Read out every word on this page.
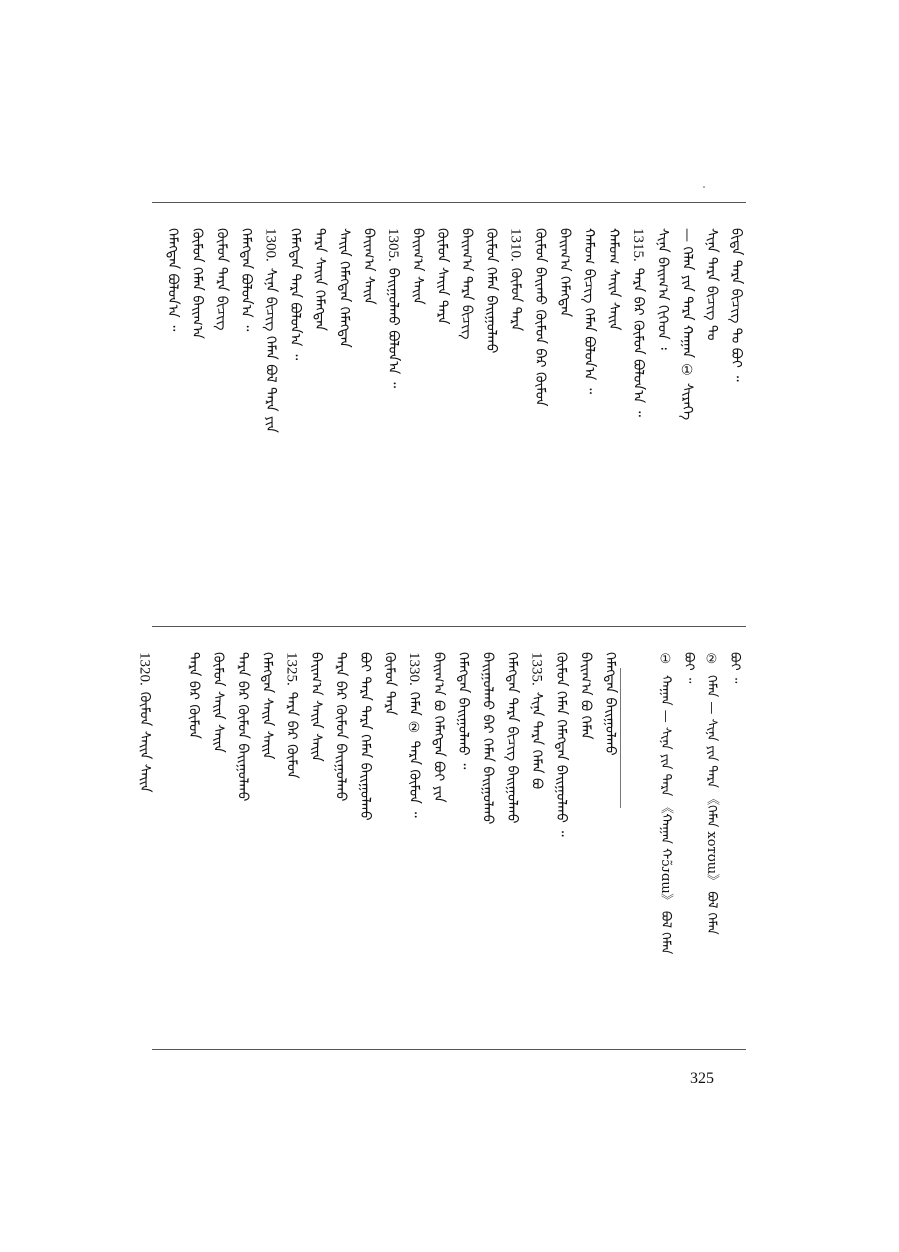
ᠪᠢᠳᠡ ᠲᠡᠷᠡ ᠪᠢᠴᠢᠭ ᠲᠤ ᠪᠣᠢ ᠃
ᠰᠢᠨᠡ ᠲᠡᠷᠡ ᠪᠢᠴᠢᠭ ᠲᠤ
— ᠬᠡᠯᠡᠨ ᠶᠢᠨ ᠲᠡᠷᠡ ᠬᠠᠭᠠᠨ ① ᠰᠢᠷᠡᠭᠡ
ᠰᠢᠨᠡ ᠪᠠᠢᠭ᠎ᠠ ᠬᠢᠭᠡᠳ ᠄
1315.ᠲᠡᠷᠡ ᠪᠡᠷ ᠬᠦᠮᠦᠨ ᠪᠣᠯᠤᠨ᠎ᠠ ᠃
ᠬᠠᠮᠤᠭ ᠰᠠᠢᠨ ᠰᠠᠢᠨ
ᠬᠠᠮᠤᠭ ᠪᠢᠴᠢᠭ ᠬᠡᠮᠡᠨ ᠪᠣᠯᠤᠨ᠎ᠠ ᠃
ᠪᠠᠢᠭ᠎ᠠ ᠬᠡᠮᠡᠭᠳᠡᠨ
ᠬᠦᠮᠦᠨ ᠪᠠᠢᠬᠤ ᠬᠦᠮᠦᠨ ᠪᠡᠷ ᠬᠦᠮᠦᠨ
1310.ᠬᠦᠮᠦᠨ ᠲᠡᠷᠡ
ᠬᠦᠮᠦᠨ ᠬᠡᠮᠡᠨ ᠪᠠᠢᠭᠤᠯᠬᠤ
ᠪᠠᠢᠭ᠎ᠠ ᠲᠡᠷᠡ ᠪᠢᠴᠢᠭ
ᠬᠦᠮᠦᠨ ᠰᠠᠢᠨ ᠲᠡᠷᠡ
ᠪᠠᠢᠭ᠎ᠠ ᠰᠠᠢᠨ
1305.ᠪᠠᠢᠭᠤᠯᠬᠤ ᠪᠣᠯᠤᠨ᠎ᠠ ᠃
ᠪᠠᠢᠭ᠎ᠠ ᠰᠠᠢᠨ
ᠰᠠᠢᠨ ᠬᠡᠮᠡᠭᠳᠡᠨ ᠬᠡᠮᠡᠭᠳᠡᠨ
ᠲᠡᠷᠡ ᠰᠠᠢᠨ ᠬᠡᠮᠡᠭᠳᠡᠨ
ᠬᠡᠮᠡᠭᠳᠡᠨ ᠲᠡᠷᠡ ᠪᠣᠯᠤᠨ᠎ᠠ ᠃
1300.ᠰᠢᠨᠡ ᠪᠢᠴᠢᠭ ᠬᠡᠮᠡᠨ ᠪᠣᠯ ᠲᠡᠷᠡ ᠶᠢᠨ
ᠬᠡᠮᠡᠭᠳᠡᠨ ᠪᠣᠯᠤᠨ᠎ᠠ ᠃
ᠬᠦᠮᠦᠨ ᠲᠡᠷᠡ ᠪᠢᠴᠢᠭ
ᠬᠦᠮᠦᠨ ᠬᠡᠮᠡᠨ ᠪᠠᠢᠭ᠎ᠠ
ᠬᠡᠮᠡᠭᠳᠡᠨ ᠪᠣᠯᠤᠨ᠎ᠠ ᠃
ᠬᠡᠮᠡᠭᠳᠡᠨ ᠪᠠᠢᠭᠤᠯᠬᠤ
ᠪᠠᠢᠭ᠎ᠠ ᠪᠣ ᠬᠡᠮᠡᠨ
ᠬᠦᠮᠦᠨ ᠬᠡᠮᠡᠨ ᠬᠡᠮᠡᠭᠳᠡᠨ ᠪᠠᠢᠭᠤᠯᠬᠤ ᠃
1335.ᠰᠢᠨᠡ ᠲᠡᠷᠡ ᠬᠡᠮᠡᠨ ᠪᠣ
ᠬᠡᠮᠡᠭᠳᠡᠨ ᠲᠡᠷᠡ ᠪᠢᠴᠢᠭ ᠪᠠᠢᠭᠤᠯᠬᠤ
ᠪᠠᠢᠭᠤᠯᠬᠤ ᠪᠡᠷ ᠬᠡᠮᠡᠨ ᠪᠠᠢᠭᠤᠯᠬᠤ
ᠬᠡᠮᠡᠭᠳᠡᠨ ᠪᠠᠢᠭᠤᠯᠬᠤ ᠃
ᠪᠠᠢᠭ᠎ᠠ ᠪᠣ ᠬᠡᠮᠡᠭᠳᠡᠨ ᠪᠣᠢ ᠶᠢᠨ
1330.ᠬᠡᠮᠡᠨ ② ᠲᠡᠷᠡ ᠬᠦᠮᠦᠨ ᠃
ᠬᠦᠮᠦᠨ ᠲᠡᠷᠡ
ᠪᠣᠢ ᠲᠡᠷᠡ ᠲᠡᠷᠡ ᠬᠡᠮᠡᠨ ᠪᠠᠢᠭᠤᠯᠬᠤ
ᠲᠡᠷᠡ ᠪᠡᠷ ᠬᠦᠮᠦᠨ ᠪᠠᠢᠭᠤᠯᠬᠤ
ᠪᠠᠢᠭ᠎ᠠ ᠰᠠᠢᠨ ᠰᠠᠢᠨ
1325.ᠲᠡᠷᠡ ᠪᠡᠷ ᠬᠦᠮᠦᠨ
ᠬᠡᠮᠡᠭᠳᠡᠨ ᠰᠠᠢᠨ ᠰᠠᠢᠨ
ᠲᠡᠷᠡ ᠪᠡᠷ ᠬᠦᠮᠦᠨ ᠪᠠᠢᠭᠤᠯᠬᠤ
ᠬᠦᠮᠦᠨ ᠰᠠᠢᠨ ᠰᠠᠢᠨ
ᠲᠡᠷᠡ ᠪᠡᠷ ᠬᠦᠮᠦᠨ
1320.ᠬᠦᠮᠦᠨ ᠰᠠᠢᠨ ᠰᠠᠢᠨ
ᠪᠣᠢ ᠃
②ᠬᠡᠮᠡᠨ — ᠰᠢᠨᠡ ᠶᠢᠨ ᠲᠡᠷᠡ 《ᠬᠡᠮᠡᠨ xoᴛʊɯ》 ᠪᠣᠯ ᠬᠡᠮᠡᠨ
ᠪᠣᠢ ᠃
①ᠬᠠᠭᠠᠨ — ᠰᠢᠨᠡ ᠶᠢᠨ ᠲᠡᠷᠡ 《ᠬᠠᠭᠠᠨ ᠬɔ̃ᴊɑɯ》 ᠪᠣᠯ ᠬᠡᠮᠡᠨ
325
